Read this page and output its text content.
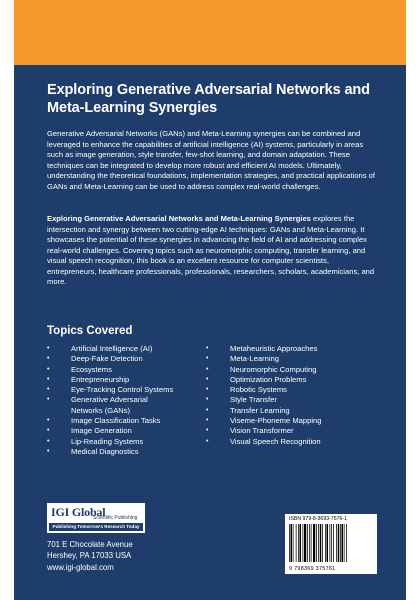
Exploring Generative Adversarial Networks and
Meta-Learning Synergies

Generative Adversarial Networks (GANs) and Meta-Learning synergies can be combined and leveraged to enhance the capabilities of artificial intelligence (AI) systems, particularly in areas such as image generation, style transfer, few-shot learning, and domain adaptation. These techniques can be integrated to develop more robust and efficient AI models. Ultimately, understanding the theoretical foundations, implementation strategies, and practical applications of GANs and Meta-Learning can be used to address complex real-world challenges.

Exploring Generative Adversarial Networks and Meta-Learning Synergies explores the intersection and synergy between two cutting-edge AI techniques: GANs and Meta-Learning. It showcases the potential of these synergies in advancing the field of AI and addressing complex real-world challenges. Covering topics such as neuromorphic computing, transfer learning, and visual speech recognition, this book is an excellent resource for computer scientists, entrepreneurs, healthcare professionals, professionals, researchers, scholars, academicians, and more.

Topics Covered
•	Artificial Intelligence (AI)
•	Deep-Fake Detection
•	Ecosystems
•	Entrepreneurship
•	Eye-Tracking Control Systems
•	Generative Adversarial
Networks (GANs)
•	Image Classification Tasks
•	Image Generation
•	Lip-Reading Systems
•	Medical Diagnostics
•	Metaheuristic Approaches
•	Meta-Learning
•	Neuromorphic Computing
•	Optimization Problems
•	Robotic Systems
•	Style Transfer
•	Transfer Learning
•	Viseme-Phoneme Mapping
•	Vision Transformer
•	Visual Speech Recognition
IGI Global
Scientific Publishing
Publishing Tomorrow's Research Today
701 E Chocolate Avenue
Hershey, PA 17033 USA
www.igi-global.com
ISBN 979-8-3693-7576-1
9 798369 375761
